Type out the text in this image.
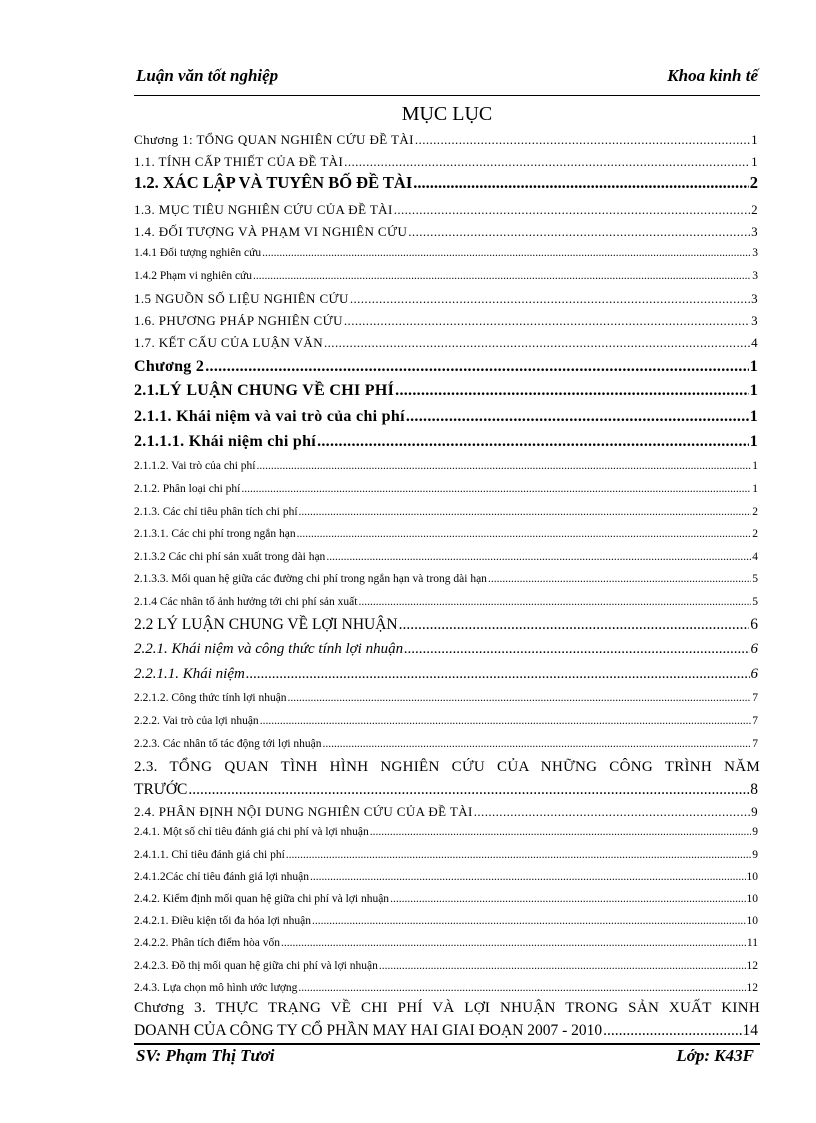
Luận văn tốt nghiệp	Khoa kinh tế
MỤC LỤC
Chương 1: TỔNG QUAN NGHIÊN CỨU ĐỀ TÀI .....	1
1.1. TÍNH CẤP THIẾT CỦA ĐỀ TÀI .....	1
1.2. XÁC LẬP VÀ TUYÊN BỐ ĐỀ TÀI .....	2
1.3. MỤC TIÊU NGHIÊN CỨU CỦA ĐỀ TÀI .....	2
1.4. ĐỐI TƯỢNG VÀ PHẠM VI NGHIÊN CỨU .....	3
1.4.1 Đối tượng nghiên cứu .....	3
1.4.2 Phạm vi nghiên cứu .....	3
1.5 NGUỒN SỐ LIỆU NGHIÊN CỨU .....	3
1.6. PHƯƠNG PHÁP NGHIÊN CỨU .....	3
1.7. KẾT CẤU CỦA LUẬN VĂN .....	4
Chương 2 .....	1
2.1.LÝ LUẬN CHUNG VỀ CHI PHÍ .....	1
2.1.1. Khái niệm và vai trò của chi phí .....	1
2.1.1.1. Khái niệm chi phí .....	1
2.1.1.2. Vai trò của chi phí .....	1
2.1.2. Phân loại chi phí .....	1
2.1.3. Các chỉ tiêu phân tích chi phí .....	2
2.1.3.1. Các chi phí trong ngắn hạn .....	2
2.1.3.2 Các chi phí sản xuất trong dài hạn .....	4
2.1.3.3. Mối quan hệ giữa các đường chi phí trong ngắn hạn và trong dài hạn .....	5
2.1.4 Các nhân tố ảnh hưởng tới chi phí sản xuất .....	5
2.2 LÝ LUẬN CHUNG VỀ LỢI NHUẬN .....	6
2.2.1. Khái niệm và công thức tính lợi nhuận .....	6
2.2.1.1. Khái niệm .....	6
2.2.1.2. Công thức tính lợi nhuận .....	7
2.2.2. Vai trò của lợi nhuận .....	7
2.2.3. Các nhân tố tác động tới lợi nhuận .....	7
2.3. TỔNG QUAN TÌNH HÌNH NGHIÊN CỨU CỦA NHỮNG CÔNG TRÌNH NĂM
TRƯỚC .....	8
2.4. PHÂN ĐỊNH NỘI DUNG NGHIÊN CỨU CỦA ĐỀ TÀI .....	9
2.4.1. Một số chỉ tiêu đánh giá chi phí và lợi nhuận .....	9
2.4.1.1. Chỉ tiêu đánh giá chi phí .....	9
2.4.1.2Các chỉ tiêu đánh giá lợi nhuận .....	10
2.4.2. Kiểm định mối quan hệ giữa chi phí và lợi nhuận .....	10
2.4.2.1. Điều kiện tối đa hóa lợi nhuận .....	10
2.4.2.2. Phân tích điểm hòa vốn .....	11
2.4.2.3. Đồ thị mối quan hệ giữa chi phí và lợi nhuận .....	12
2.4.3. Lựa chọn mô hình ước lượng .....	12
Chương 3. THỰC TRẠNG VỀ CHI PHÍ VÀ LỢI NHUẬN TRONG SẢN XUẤT KINH
DOANH CỦA CÔNG TY CỔ PHẦN MAY HAI GIAI ĐOẠN 2007 - 2010 .....	14
SV: Phạm Thị Tươi	Lớp: K43F
